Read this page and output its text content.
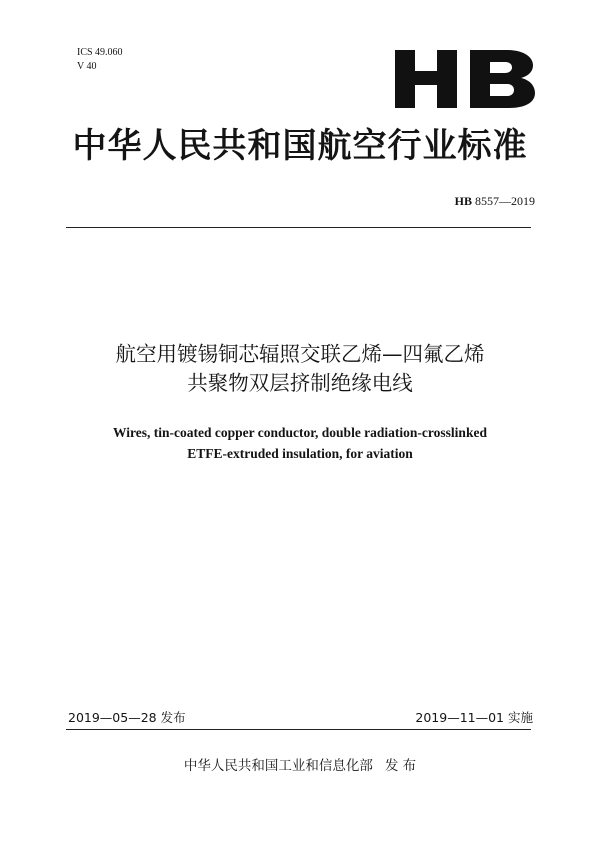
ICS 49.060
V 40
中华人民共和国航空行业标准
HB 8557—2019
航空用镀锡铜芯辐照交联乙烯—四氟乙烯
共聚物双层挤制绝缘电线
Wires, tin-coated copper conductor, double radiation-crosslinked
ETFE-extruded insulation, for aviation
2019—05—28 发布	2019—11—01 实施
中华人民共和国工业和信息化部 发 布
